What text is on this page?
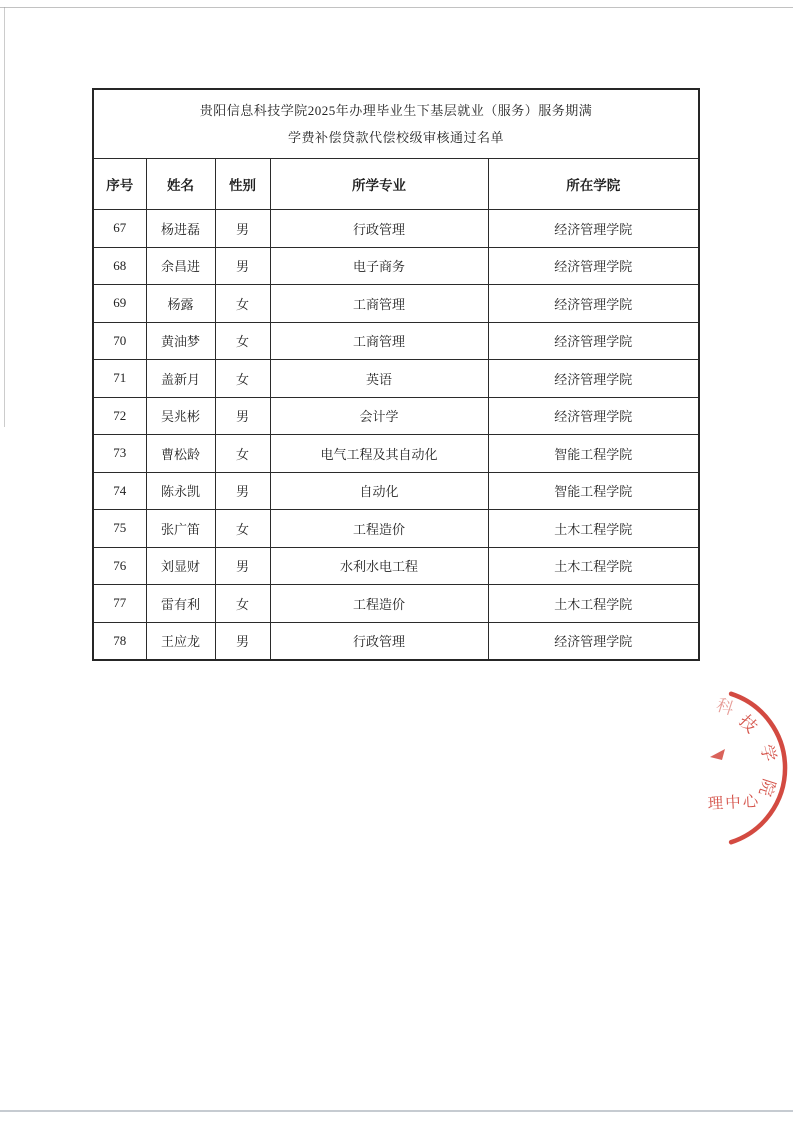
贵阳信息科技学院2025年办理毕业生下基层就业（服务）服务期满
学费补偿贷款代偿校级审核通过名单				

序号	姓名	性别	所学专业	所在学院
67	杨进磊	男	行政管理	经济管理学院
68	余昌进	男	电子商务	经济管理学院
69	杨露	女	工商管理	经济管理学院
70	黄油梦	女	工商管理	经济管理学院
71	盖新月	女	英语	经济管理学院
72	吴兆彬	男	会计学	经济管理学院
73	曹松龄	女	电气工程及其自动化	智能工程学院
74	陈永凯	男	自动化	智能工程学院
75	张广笛	女	工程造价	土木工程学院
76	刘显财	男	水利水电工程	土木工程学院
77	雷有利	女	工程造价	土木工程学院
78	王应龙	男	行政管理	经济管理学院
科
技
学
院
理中心
